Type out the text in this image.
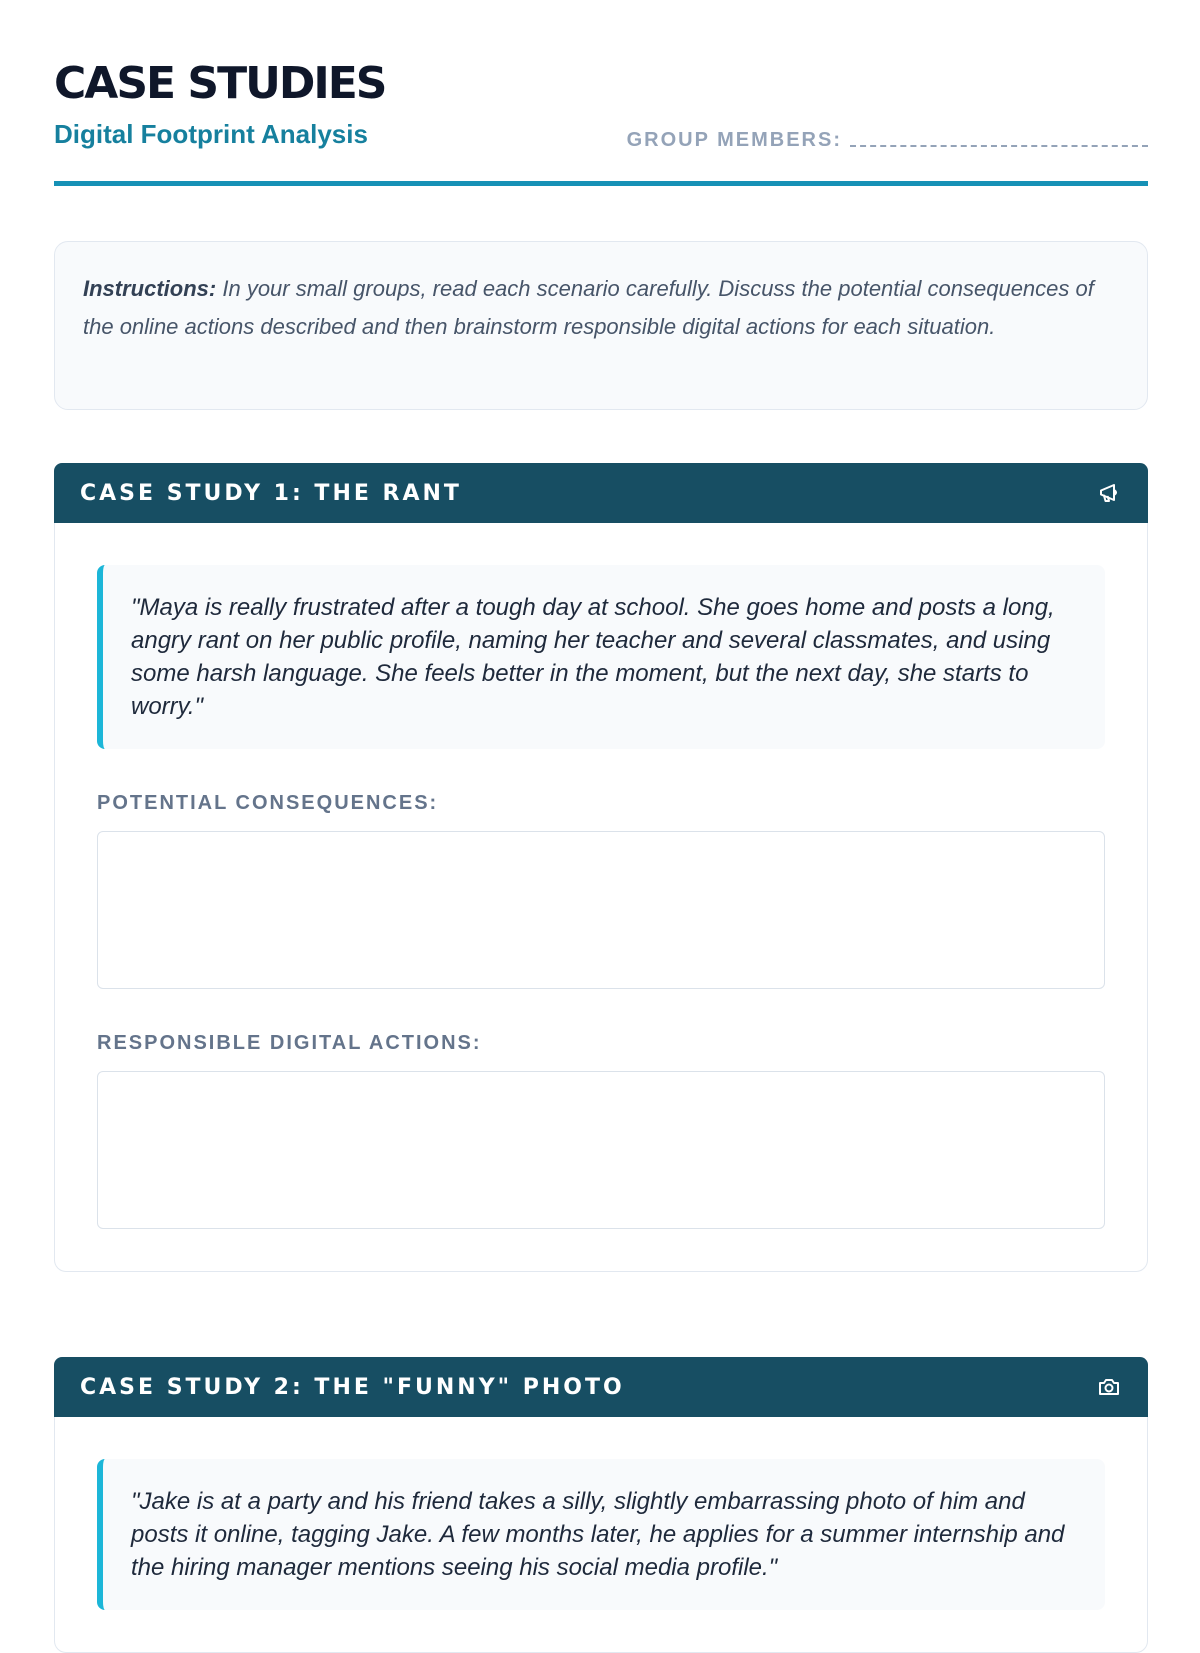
CASE STUDIES
Digital Footprint Analysis	GROUP MEMBERS:
Instructions: In your small groups, read each scenario carefully. Discuss the potential consequences of the online actions described and then brainstorm responsible digital actions for each situation.
CASE STUDY 1: THE RANT
"Maya is really frustrated after a tough day at school. She goes home and posts a long, angry rant on her public profile, naming her teacher and several classmates, and using some harsh language. She feels better in the moment, but the next day, she starts to worry."
POTENTIAL CONSEQUENCES:
RESPONSIBLE DIGITAL ACTIONS:
CASE STUDY 2: THE "FUNNY" PHOTO
"Jake is at a party and his friend takes a silly, slightly embarrassing photo of him and posts it online, tagging Jake. A few months later, he applies for a summer internship and the hiring manager mentions seeing his social media profile."
